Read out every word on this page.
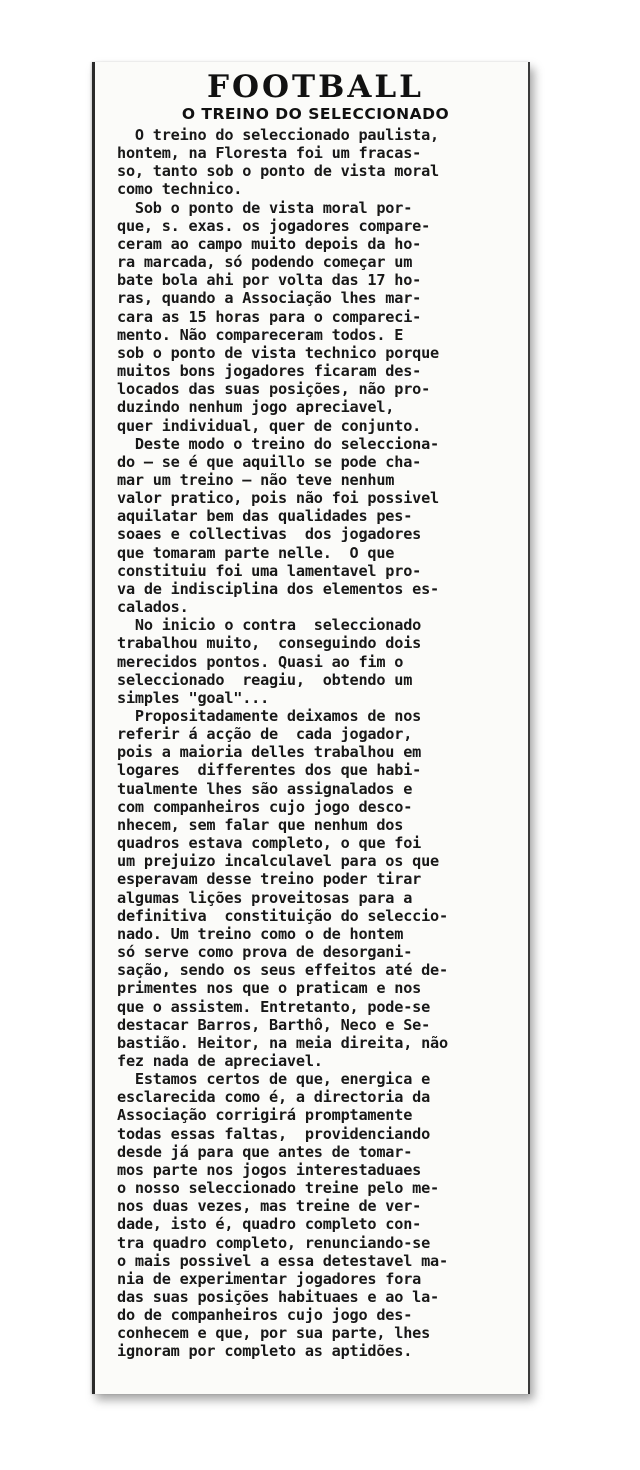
FOOTBALL
O TREINO DO SELECCIONADO
O treino do seleccionado paulista,
hontem, na Floresta foi um fracas-
so, tanto sob o ponto de vista moral
como technico.
Sob o ponto de vista moral por-
que, s. exas. os jogadores compare-
ceram ao campo muito depois da ho-
ra marcada, só podendo começar um
bate bola ahi por volta das 17 ho-
ras, quando a Associação lhes mar-
cara as 15 horas para o compareci-
mento. Não compareceram todos. E
sob o ponto de vista technico porque
muitos bons jogadores ficaram des-
locados das suas posições, não pro-
duzindo nenhum jogo apreciavel,
quer individual, quer de conjunto.
Deste modo o treino do selecciona-
do — se é que aquillo se pode cha-
mar um treino — não teve nenhum
valor pratico, pois não foi possivel
aquilatar bem das qualidades pes-
soaes e collectivas  dos jogadores
que tomaram parte nelle.  O que
constituiu foi uma lamentavel pro-
va de indisciplina dos elementos es-
calados.
No inicio o contra  seleccionado
trabalhou muito,  conseguindo dois
merecidos pontos. Quasi ao fim o
seleccionado  reagiu,  obtendo um
simples "goal"...
Propositadamente deixamos de nos
referir á acção de  cada jogador,
pois a maioria delles trabalhou em
logares  differentes dos que habi-
tualmente lhes são assignalados e
com companheiros cujo jogo desco-
nhecem, sem falar que nenhum dos
quadros estava completo, o que foi
um prejuizo incalculavel para os que
esperavam desse treino poder tirar
algumas lições proveitosas para a
definitiva  constituição do seleccio-
nado. Um treino como o de hontem
só serve como prova de desorgani-
sação, sendo os seus effeitos até de-
primentes nos que o praticam e nos
que o assistem. Entretanto, pode-se
destacar Barros, Barthô, Neco e Se-
bastião. Heitor, na meia direita, não
fez nada de apreciavel.
Estamos certos de que, energica e
esclarecida como é, a directoria da
Associação corrigirá promptamente
todas essas faltas,  providenciando
desde já para que antes de tomar-
mos parte nos jogos interestaduaes
o nosso seleccionado treine pelo me-
nos duas vezes, mas treine de ver-
dade, isto é, quadro completo con-
tra quadro completo, renunciando-se
o mais possivel a essa detestavel ma-
nia de experimentar jogadores fora
das suas posições habituaes e ao la-
do de companheiros cujo jogo des-
conhecem e que, por sua parte, lhes
ignoram por completo as aptidões.
